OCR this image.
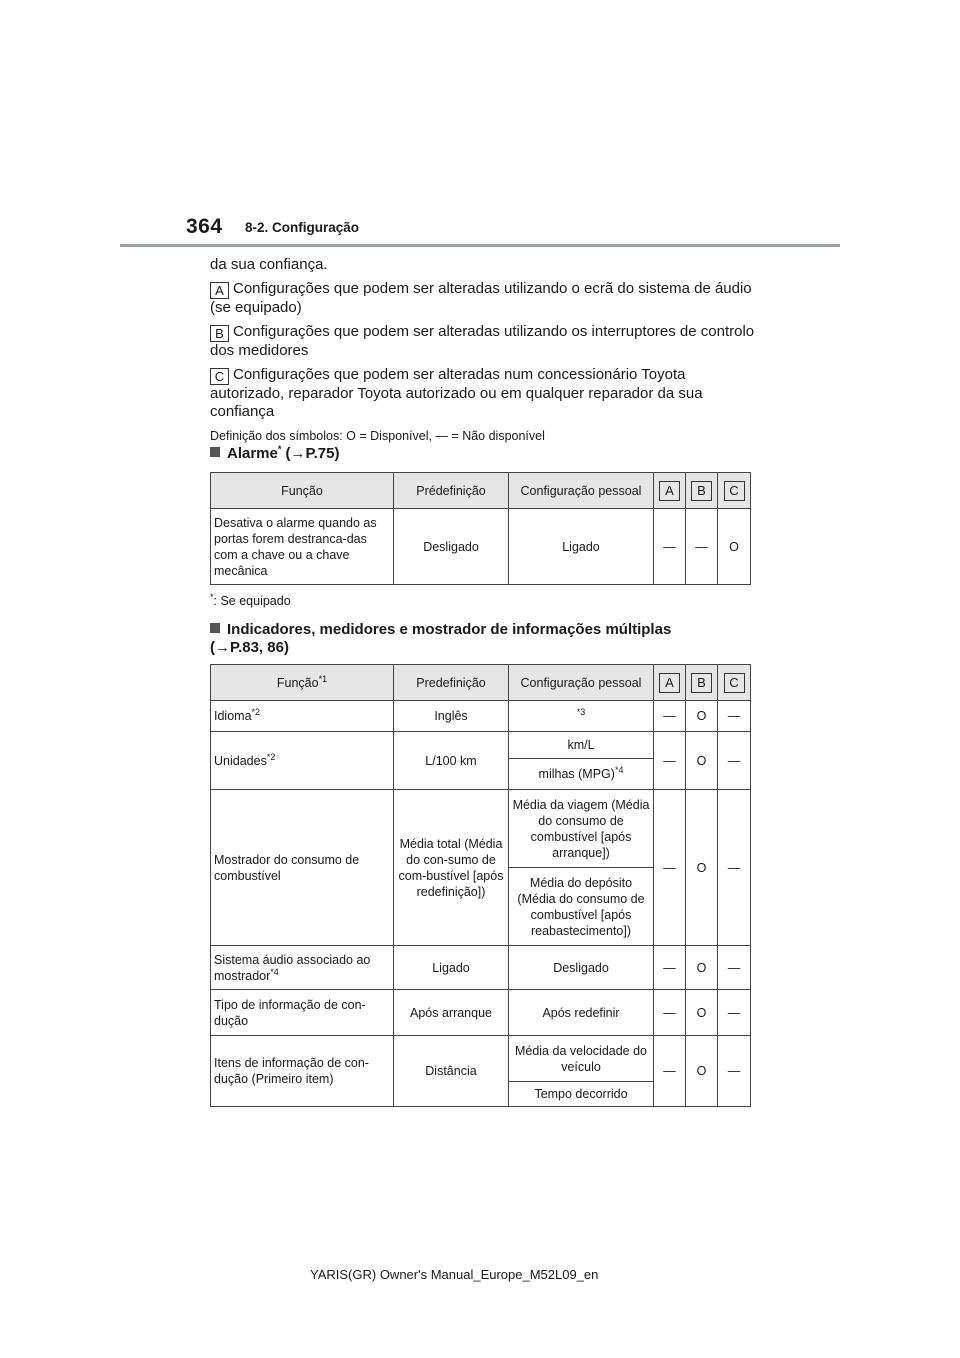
364 8-2. Configuração

da sua confiança.

A Configurações que podem ser alteradas utilizando o ecrã do sistema de áudio (se equipado)

B Configurações que podem ser alteradas utilizando os interruptores de controlo dos medidores

C Configurações que podem ser alteradas num concessionário Toyota autorizado, reparador Toyota autorizado ou em qualquer reparador da sua confiança

Definição dos símbolos: O = Disponível, — = Não disponível

Alarme* (→P.75)
Função	Prédefinição	Configuração pessoal	A	B	C
Desativa o alarme quando as portas forem destranca-das com a chave ou a chave mecânica	Desligado	Ligado	—	—	O
*: Se equipado
Indicadores, medidores e mostrador de informações múltiplas
(→P.83, 86)
Função$^{*1}$	Predefinição	Configuração pessoal	A	B	C
Idioma$^{*2}$	Inglês	$^{*3}$	—	O	—
Unidades$^{*2}$	L/100 km	km/L	—	O	—
		milhas (MPG)$^{*4}$
Mostrador do consumo de combustível	Média total (Média do con-sumo de com-bustível [após redefinição])	Média da viagem (Média do consumo de combustível [após arranque])	—	O	—
		Média do depósito (Média do consumo de combustível [após reabastecimento])			
Sistema áudio associado ao mostrador$^{*4}$	Ligado	Desligado	—	O	—
Tipo de informação de con-dução	Após arranque	Após redefinir	—	O	—
Itens de informação de con-dução (Primeiro item)	Distância	Média da velocidade do veículo	—	O	—
		Tempo decorrido			
YARIS(GR) Owner's Manual_Europe_M52L09_en
